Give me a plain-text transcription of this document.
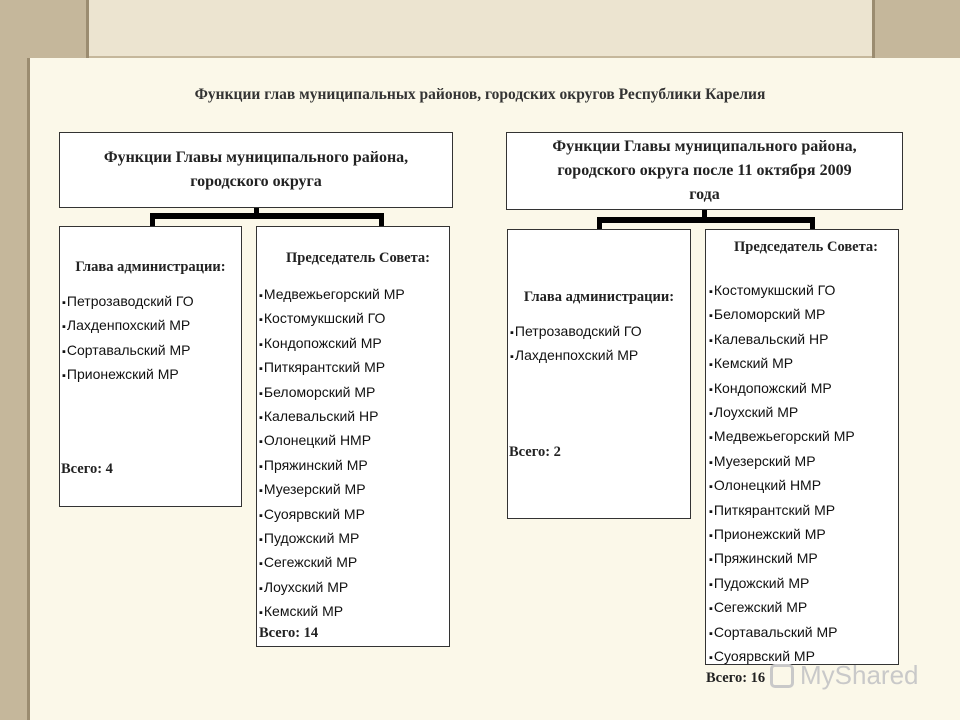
Функции глав муниципальных районов, городских округов Республики Карелия
Функции Главы муниципального района, городского округа
Глава администрации:
▪ Петрозаводский ГО
▪ Лахденпохский МР
▪ Сортавальский МР
▪ Прионежский МР
Всего: 4
Председатель Совета:
▪ Медвежьегорский МР
▪ Костомукшский ГО
▪ Кондопожский МР
▪ Питкярантский МР
▪ Беломорский МР
▪ Калевальский НР
▪ Олонецкий НМР
▪ Пряжинский МР
▪ Муезерский МР
▪ Суоярвский МР
▪ Пудожский МР
▪ Сегежский МР
▪ Лоухский МР
▪ Кемский МР
Всего: 14
Функции Главы муниципального района, городского округа после 11 октября 2009 года
Глава администрации:
▪ Петрозаводский ГО
▪ Лахденпохский МР
Всего: 2
Председатель Совета:
▪ Костомукшский ГО
▪ Беломорский МР
▪ Калевальский НР
▪ Кемский МР
▪ Кондопожский МР
▪ Лоухский МР
▪ Медвежьегорский МР
▪ Муезерский МР
▪ Олонецкий НМР
▪ Питкярантский МР
▪ Прионежский МР
▪ Пряжинский МР
▪ Пудожский МР
▪ Сегежский МР
▪ Сортавальский МР
▪ Суоярвский МР
Всего: 16	MyShared
